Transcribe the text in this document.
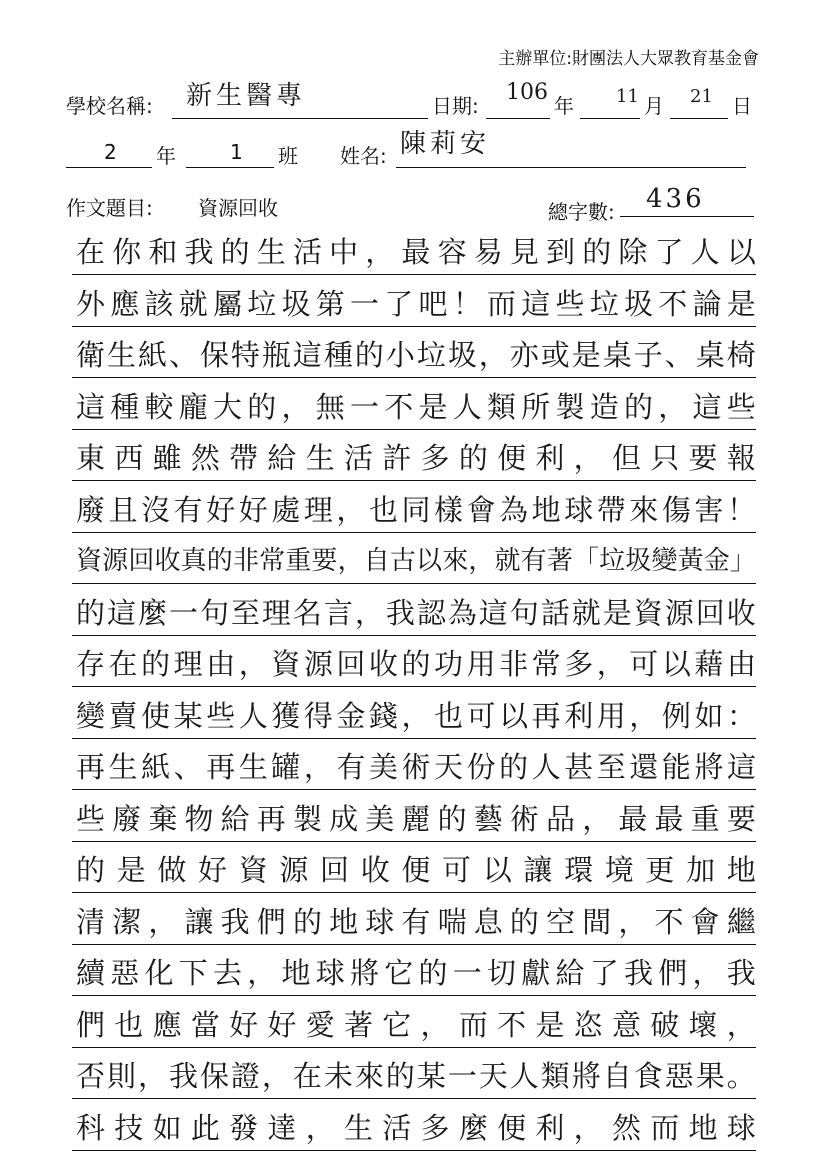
主辦單位:財團法人大眾教育基金會
學校名稱: 新生醫專	日期:
106
年 11 月 21 日
2 年	1 班 姓名: 陳莉安
作文題目: 資源回收	總字數: 436
在 你 和 我 的 生 活 中 ， 最 容 易 見 到 的 除 了 人 以
外 應 該 就 屬 垃 圾 第 一 了 吧 ！ 而 這 些 垃 圾 不 論 是
衛 生 紙 、 保 特 瓶 這 種 的 小 垃 圾 ， 亦 或 是 桌 子 、 桌 椅
這 種 較 龐 大 的 ， 無 一 不 是 人 類 所 製 造 的 ， 這 些
東 西 雖 然 帶 給 生 活 許 多 的 便 利 ， 但 只 要 報
廢 且 沒 有 好 好 處 理 ， 也 同 樣 會 為 地 球 帶 來 傷 害 ！
資 源 回 收 真 的 非 常 重 要 ， 自 古 以 來 ， 就 有 著 「 垃 圾 變 黃 金 」
的 這 麼 一 句 至 理 名 言 ， 我 認 為 這 句 話 就 是 資 源 回 收
存 在 的 理 由 ， 資 源 回 收 的 功 用 非 常 多 ， 可 以 藉 由
變 賣 使 某 些 人 獲 得 金 錢 ， 也 可 以 再 利 用 ， 例 如 ：
再 生 紙 、 再 生 罐 ， 有 美 術 天 份 的 人 甚 至 還 能 將 這
些 廢 棄 物 給 再 製 成 美 麗 的 藝 術 品 ， 最 最 重 要
的 是 做 好 資 源 回 收 便 可 以 讓 環 境 更 加 地
清 潔 ， 讓 我 們 的 地 球 有 喘 息 的 空 間 ， 不 會 繼
續 惡 化 下 去 ， 地 球 將 它 的 一 切 獻 給 了 我 們 ， 我
們 也 應 當 好 好 愛 著 它 ， 而 不 是 恣 意 破 壞 ，
否 則 ， 我 保 證 ， 在 未 來 的 某 一 天 人 類 將 自 食 惡 果 。
科 技 如 此 發 達 ， 生 活 多 麼 便 利 ， 然 而 地 球
